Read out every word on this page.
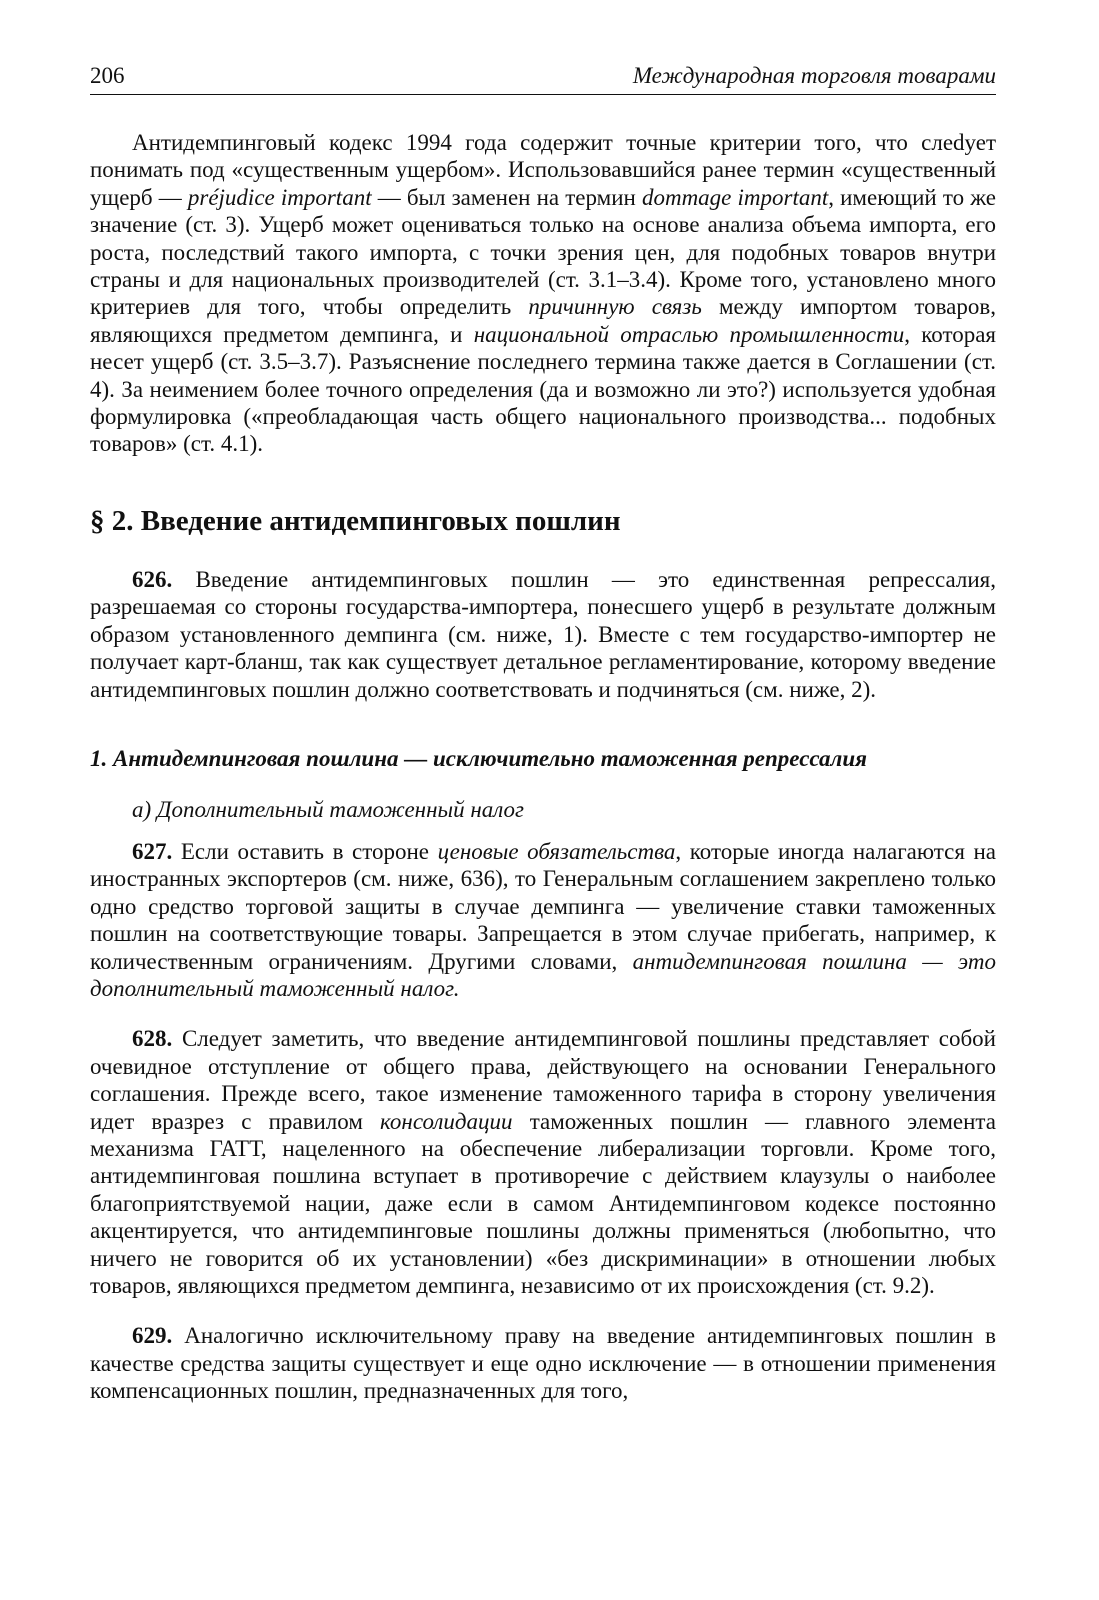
206	Международная торговля товарами

Антидемпинговый кодекс 1994 года содержит точные критерии того, что слеdует понимать под «существенным ущербом». Использовавшийся ранее термин «существенный ущерб — préjudice important — был заменен на термин dommage important, имеющий то же значение (ст. 3). Ущерб может оцениваться только на основе анализа объема импорта, его роста, последствий такого импорта, с точки зрения цен, для подобных товаров внутри страны и для национальных производителей (ст. 3.1–3.4). Кроме того, установлено много критериев для того, чтобы определить причинную связь между импортом товаров, являющихся предметом демпинга, и национальной отраслью промышленности, которая несет ущерб (ст. 3.5–3.7). Разъяснение последнего термина также дается в Соглашении (ст. 4). За неимением более точного определения (да и возможно ли это?) используется удобная формулировка («преобладающая часть общего национального производства... подобных товаров» (ст. 4.1).

§ 2. Введение антидемпинговых пошлин

626. Введение антидемпинговых пошлин — это единственная репрессалия, разрешаемая со стороны государства-импортера, понесшего ущерб в результате должным образом установленного демпинга (см. ниже, 1). Вместе с тем государство-импортер не получает карт-бланш, так как существует детальное регламентирование, которому введение антидемпинговых пошлин должно соответствовать и подчиняться (см. ниже, 2).

1. Антидемпинговая пошлина — исключительно таможенная репрессалия
а) Дополнительный таможенный налог

627. Если оставить в стороне ценовые обязательства, которые иногда налагаются на иностранных экспортеров (см. ниже, 636), то Генеральным соглашением закреплено только одно средство торговой защиты в случае демпинга — увеличение ставки таможенных пошлин на соответствующие товары. Запрещается в этом случае прибегать, например, к количественным ограничениям. Другими словами, антидемпинговая пошлина — это дополнительный таможенный налог.

628. Следует заметить, что введение антидемпинговой пошлины представляет собой очевидное отступление от общего права, действующего на основании Генерального соглашения. Прежде всего, такое изменение таможенного тарифа в сторону увеличения идет вразрез с правилом консолидации таможенных пошлин — главного элемента механизма ГАТТ, нацеленного на обеспечение либерализации торговли. Кроме того, антидемпинговая пошлина вступает в противоречие с действием клаузулы о наиболее благоприятствуемой нации, даже если в самом Антидемпинговом кодексе постоянно акцентируется, что антидемпинговые пошлины должны применяться (любопытно, что ничего не говорится об их установлении) «без дискриминации» в отношении любых товаров, являющихся предметом демпинга, независимо от их происхождения (ст. 9.2).

629. Аналогично исключительному праву на введение антидемпинговых пошлин в качестве средства защиты существует и еще одно исключение — в отношении применения компенсационных пошлин, предназначенных для того,
